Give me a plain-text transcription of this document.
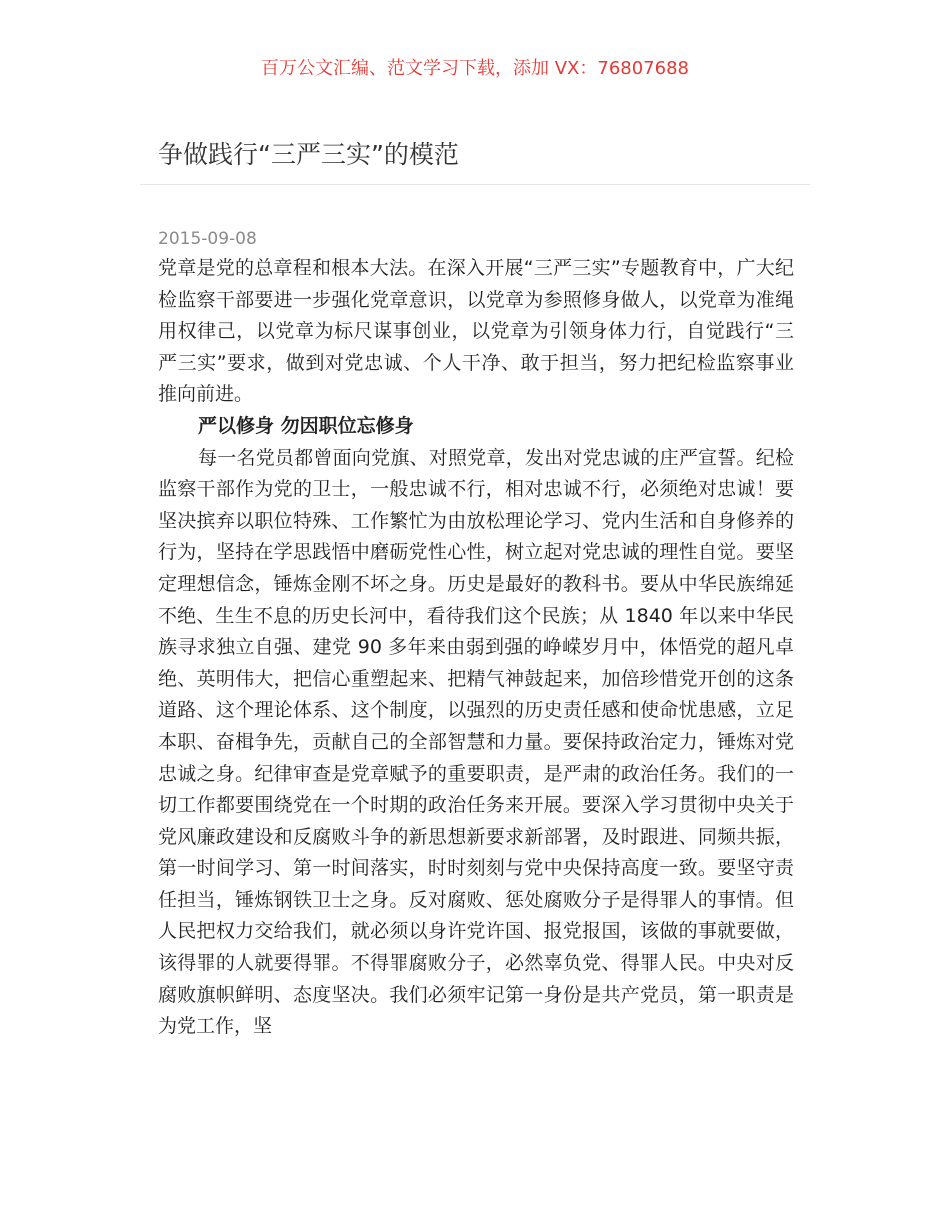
百万公文汇编、范文学习下载，添加 VX：76807688
争做践行“三严三实”的模范
2015-09-08

党章是党的总章程和根本大法。在深入开展“三严三实”专题教育中，广大纪检监察干部要进一步强化党章意识，以党章为参照修身做人，以党章为准绳用权律己，以党章为标尺谋事创业，以党章为引领身体力行，自觉践行“三严三实”要求，做到对党忠诚、个人干净、敢于担当，努力把纪检监察事业推向前进。

严以修身 勿因职位忘修身

每一名党员都曾面向党旗、对照党章，发出对党忠诚的庄严宣誓。纪检监察干部作为党的卫士，一般忠诚不行，相对忠诚不行，必须绝对忠诚！要坚决摈弃以职位特殊、工作繁忙为由放松理论学习、党内生活和自身修养的行为，坚持在学思践悟中磨砺党性心性，树立起对党忠诚的理性自觉。要坚定理想信念，锤炼金刚不坏之身。历史是最好的教科书。要从中华民族绵延不绝、生生不息的历史长河中，看待我们这个民族；从 1840 年以来中华民族寻求独立自强、建党 90 多年来由弱到强的峥嵘岁月中，体悟党的超凡卓绝、英明伟大，把信心重塑起来、把精气神鼓起来，加倍珍惜党开创的这条道路、这个理论体系、这个制度，以强烈的历史责任感和使命忧患感，立足本职、奋楫争先，贡献自己的全部智慧和力量。要保持政治定力，锤炼对党忠诚之身。纪律审查是党章赋予的重要职责，是严肃的政治任务。我们的一切工作都要围绕党在一个时期的政治任务来开展。要深入学习贯彻中央关于党风廉政建设和反腐败斗争的新思想新要求新部署，及时跟进、同频共振，第一时间学习、第一时间落实，时时刻刻与党中央保持高度一致。要坚守责任担当，锤炼钢铁卫士之身。反对腐败、惩处腐败分子是得罪人的事情。但人民把权力交给我们，就必须以身许党许国、报党报国，该做的事就要做，该得罪的人就要得罪。不得罪腐败分子，必然辜负党、得罪人民。中央对反腐败旗帜鲜明、态度坚决。我们必须牢记第一身份是共产党员，第一职责是为党工作，坚
